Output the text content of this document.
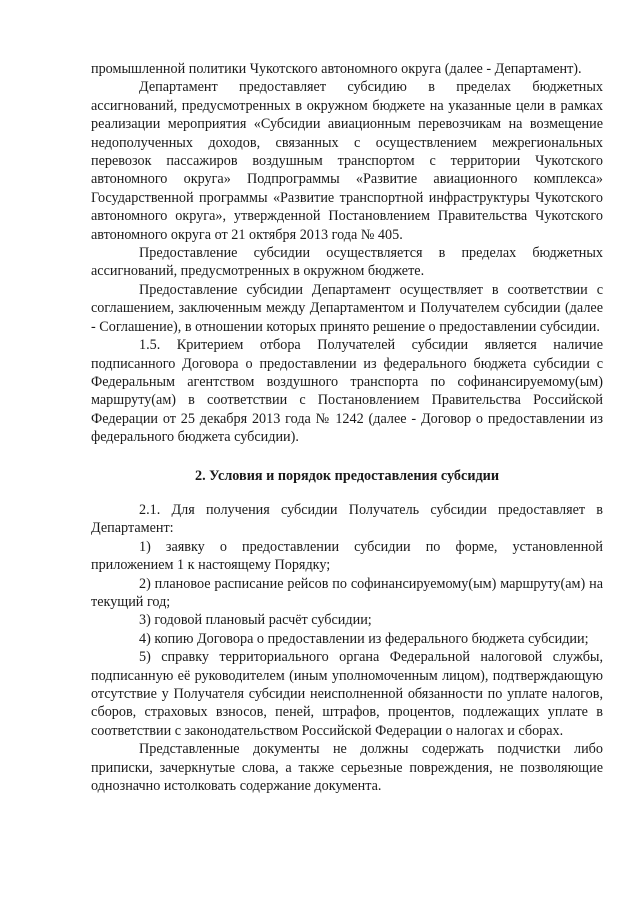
промышленной политики Чукотского автономного округа (далее - Департамент).

Департамент предоставляет субсидию в пределах бюджетных ассигнований, предусмотренных в окружном бюджете на указанные цели в рамках реализации мероприятия «Субсидии авиационным перевозчикам на возмещение недополученных доходов, связанных с осуществлением межрегиональных перевозок пассажиров воздушным транспортом с территории Чукотского автономного округа» Подпрограммы «Развитие авиационного комплекса» Государственной программы «Развитие транспортной инфраструктуры Чукотского автономного округа», утвержденной Постановлением Правительства Чукотского автономного округа от 21 октября 2013 года № 405.

Предоставление субсидии осуществляется в пределах бюджетных ассигнований, предусмотренных в окружном бюджете.

Предоставление субсидии Департамент осуществляет в соответствии с соглашением, заключенным между Департаментом и Получателем субсидии (далее - Соглашение), в отношении которых принято решение о предоставлении субсидии.

1.5. Критерием отбора Получателей субсидии является наличие подписанного Договора о предоставлении из федерального бюджета субсидии с Федеральным агентством воздушного транспорта по софинансируемому(ым) маршруту(ам) в соответствии с Постановлением Правительства Российской Федерации от 25 декабря 2013 года № 1242 (далее - Договор о предоставлении из федерального бюджета субсидии).

2. Условия и порядок предоставления субсидии

2.1. Для получения субсидии Получатель субсидии предоставляет в Департамент:

1) заявку о предоставлении субсидии по форме, установленной приложением 1 к настоящему Порядку;

2) плановое расписание рейсов по софинансируемому(ым) маршруту(ам) на текущий год;

3) годовой плановый расчёт субсидии;

4) копию Договора о предоставлении из федерального бюджета субсидии;

5) справку территориального органа Федеральной налоговой службы, подписанную её руководителем (иным уполномоченным лицом), подтверждающую отсутствие у Получателя субсидии неисполненной обязанности по уплате налогов, сборов, страховых взносов, пеней, штрафов, процентов, подлежащих уплате в соответствии с законодательством Российской Федерации о налогах и сборах.

Представленные документы не должны содержать подчистки либо приписки, зачеркнутые слова, а также серьезные повреждения, не позволяющие однозначно истолковать содержание документа.
